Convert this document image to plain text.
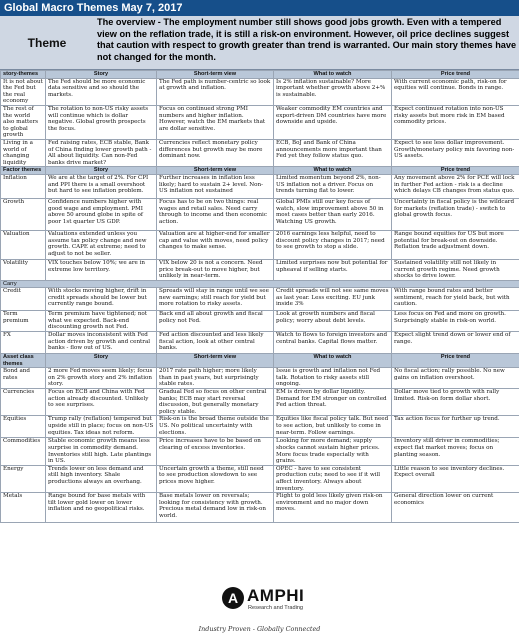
Global Macro Themes May 7, 2017
Theme
The overview - The employment number still shows good jobs growth. Even with a tempered view on the reflation trade, it is still a risk-on environment. However, oil price declines suggest that caution with respect to growth greater than trend is warranted. Our main story themes have not changed for the month.
story-themes	Story	Short-term view	What to watch	Price trend
It is not about the Fed but the real economy	The Fed should be more economic data sensitive and so should the markets.	The Fed path is number-centric so look at growth and inflation.	Is 2% inflation sustainable? More important whether growth above 2+% is sustainable.	With current economic path, risk-on for equities will continue. Bonds in range.
The rest of the world also matters to global growth	The rotation to non-US risky assets will continue which is dollar negative. Global growth prospects the focus.	Focus on continued strong PMI numbers and higher inflation. However, watch the EM markets that are dollar sensitive.	Weaker commodity EM countries and export-driven DM countries have more downside and upside.	Expect continued rotation into non-US risky assets but more risk in EM based commodity prices.
Living in a world of changing liquidity	Fed raising rates, ECB stable, Bank of China finding lower growth path - All about liquidity. Can non-Fed banks drive market?	Currencies reflect monetary policy differences but growth may be more dominant now.	ECB, BoJ and Bank of China announcements more important than Fed yet they follow status quo.	Expect to see less dollar improvement. Growth/monetary policy mix favoring non-US assets.
Factor themes	Story	Short-term view	What to watch	Price trend
Inflation	We are at the target of 2%. For CPI and PPI there is a small overshoot but hard to see inflation problem.	Further increases in inflation less likely; hard to sustain 2+ level. Non-US inflation not sustained	Limited momentum beyond 2%, non-US inflation not a driver. Focus on trends turning flat to lower.	Any movement above 2% for PCE will lock in further Fed action - risk is a decline which delays CB changes from status quo.
Growth	Confidence numbers higher with good wage and employment. PMI above 50 around globe in spite of poor 1st quarter US GDP.	Focus has to be on two things: real wages and retail sales. Need carry through to income and then economic action.	Global PMIs still our key focus of watch, slow improvement above 50 in most cases better than early 2016. Watching US growth.	Uncertainty in fiscal policy is the wildcard for markets (reflation trade) - switch to global growth focus.
Valuation	Valuations extended unless you assume tax policy change and new growth. CAPE at extreme; need to adjust to not be seller.	Valuation are at higher-end for smaller cap and value with moves, need policy changes to make sense.	2016 earnings less helpful, need to discount policy changes in 2017; need to see growth to stop a slide.	Range bound equities for US but more potential for break-out on downside. Reflation trade adjustment down.
Volatility	VIX touches below 10%; we are in extreme low territory.	VIX below 20 is not a concern. Need price break-out to move higher, but unlikely in near-term.	Limited surprises now but potential for upheaval if selling starts.	Sustained volatility still not likely in current growth regime. Need growth shocks to drive lower.
Carry				
Credit	With stocks moving higher, drift in credit spreads should be lower but currently range bound.	Spreads will stay in range until we see new earnings; still reach for yield but more rotation to risky assets.	Credit spreads will not see same moves as last year. Less exciting. EU junk inside 3%	With range bound rates and better sentiment, reach for yield back, but with caution.
Term premium	Term premium have tightened; not what we expected. Back-end discounting growth not Fed.	Back end all about growth and fiscal policy not Fed.	Look at growth numbers and fiscal policy; worry about debt levels.	Less focus on Fed and more on growth. Surprisingly stable in risk-on world.
FX	Dollar moves inconsistent with Fed action driven by growth and central banks - flow out of US.	Fed action discounted and less likely fiscal action, look at other central banks.	Watch to flows to foreign investors and central banks. Capital flows matter.	Expect slight trend down or lower end of range.
Asset class themes	Story	Short-term view	What to watch	Price trend
Bond and rates	2 more Fed moves seem likely; focus on 2% growth story and 2% inflation story.	2017 rate path higher; more likely than in past years, but surprisingly stable rates.	Issue is growth and inflation not Fed talk. Rotation to risky assets still ongoing.	No fiscal action; rally possible. No new gains on inflation overshoot.
Currencies	Focus on ECB and China with Fed action already discounted. Unlikely to see surprises.	Gradual Fed so focus on other central banks; ECB may start reversal discussion, but generally monetary policy stable.	EM is driven by dollar liquidity. Demand for EM stronger on controlled Fed action threat.	Dollar move tied to growth with rally limited. Risk-on form dollar short.
Equities	Trump rally (reflation) tempered but upside still in place; focus on non-US equities. Tax ideas not reform.	Risk-on is the broad theme outside the US. No political uncertainty with elections.	Equities like fiscal policy talk. But need to see action, but unlikely to come in near-term. Follow earnings.	Tax action focus for further up trend.
Commodities	Stable economic growth means less surprise in commodity demand. Inventories still high. Late plantings in US.	Price increases have to be based on clearing of excess inventories.	Looking for more demand; supply shocks cannot sustain higher prices. More focus trade especially with grains.	Inventory still driver in commodities; expect flat market moves; focus on planting season.
Energy	Trends lower on less demand and still high inventory. Shale productions always an overhang.	Uncertain growth a theme, still need to see production slowdown to see prices move higher.	OPEC - have to see consistent production cuts; need to see if it will affect inventory. Always about inventory.	Little reason to see inventory declines. Expect overall
Metals	Range bound for base metals with tilt lower gold lower on lower inflation and no geopolitical risks.	Base metals lower on reversals; looking for consistency with growth. Precious metal demand low in risk-on world.	Flight to gold less likely given risk-on environment and no major down moves.	General direction lower on current economics
A AMPHI
Research and Trading
Industry Proven - Globally Connected
